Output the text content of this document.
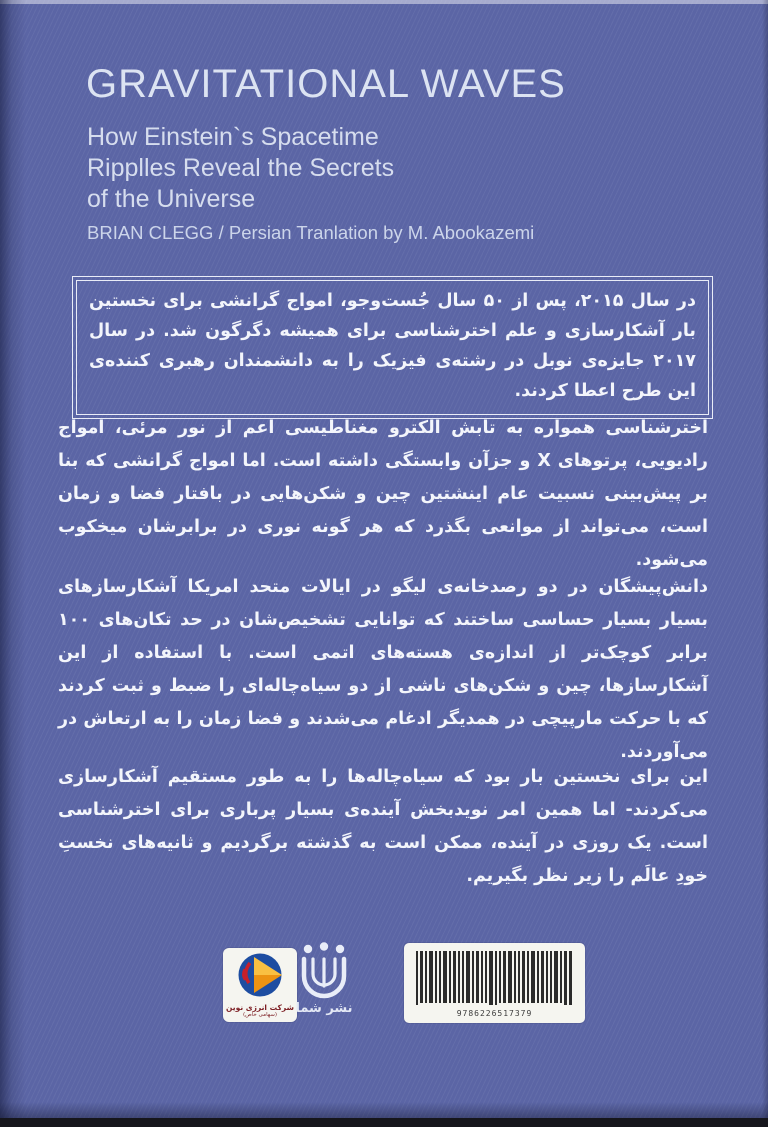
GRAVITATIONAL WAVES
How Einstein`s Spacetime
Ripplles Reveal the Secrets
of the Universe
BRIAN CLEGG / Persian Tranlation by M. Abookazemi
در سال ۲۰۱۵، پس از ۵۰ سال جُست‌وجو، امواج گرانشی برای نخستین بار آشکارسازی و علم اخترشناسی برای همیشه دگرگون شد. در سال ۲۰۱۷ جایزه‌ی نوبل در رشته‌ی فیزیک را به دانشمندان رهبری کننده‌ی این طرح اعطا کردند.
اخترشناسی همواره به تابش الکترو مغناطیسی اعم از نور مرئی، امواج رادیویی، پرتوهای X و جزآن وابستگی داشته است. اما امواج گرانشی که بنا بر پیش‌بینی نسبیت عام اینشتین چین و شکن‌هایی در بافتار فضا و زمان است، می‌تواند از موانعی بگذرد که هر گونه نوری در برابرشان میخکوب می‌شود.
دانش‌پیشگان در دو رصدخانه‌ی لیگو در ایالات متحد امریکا آشکارسازهای بسیار بسیار حساسی ساختند که توانایی تشخیص‌شان در حد تکان‌های ۱۰۰ برابر کوچک‌تر از اندازه‌ی هسته‌های اتمی است. با استفاده از این آشکارسازها، چین و شکن‌های ناشی از دو سیاه‌چاله‌ای را ضبط و ثبت کردند که با حرکت مارپیچی در همدیگر ادغام می‌شدند و فضا زمان را به ارتعاش در می‌آوردند.
این برای نخستین بار بود که سیاه‌چاله‌ها را به طور مستقیم آشکارسازی می‌کردند- اما همین امر نویدبخش آینده‌ی بسیار پرباری برای اخترشناسی است. یک روزی در آینده، ممکن است به گذشته برگردیم و ثانیه‌های نخستِ خودِ عالَم را زیر نظر بگیریم.
شرکت انرژی نوین
(سهامی خاص)	نشر شما	9786226517379
